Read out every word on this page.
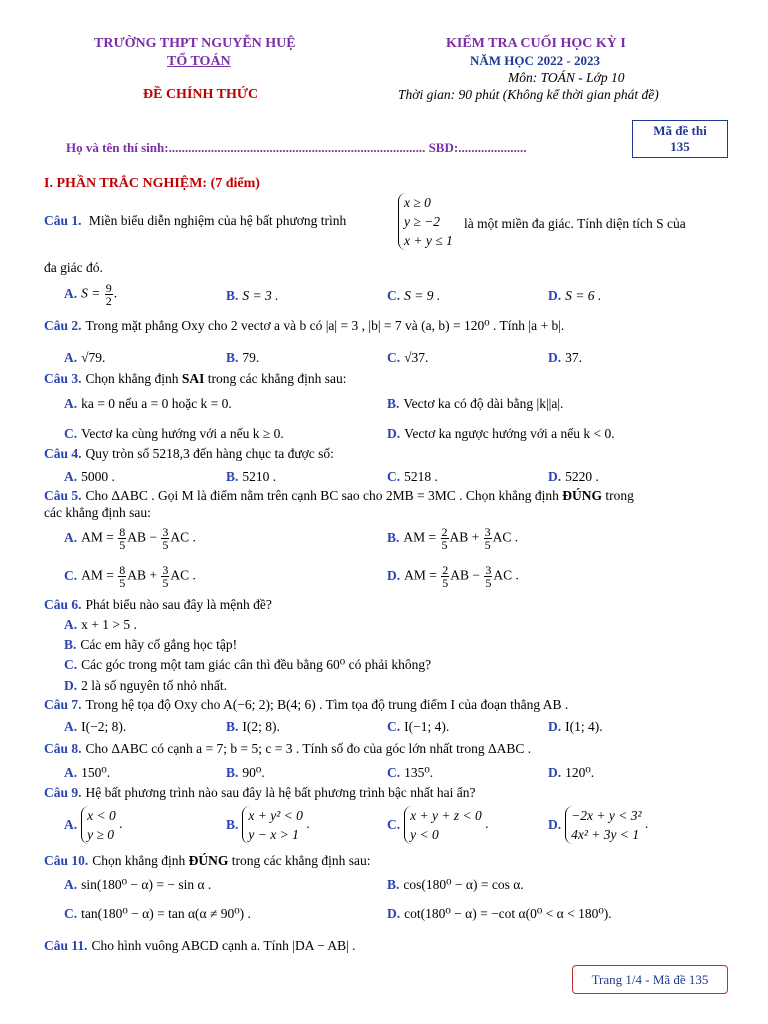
TRƯỜNG THPT NGUYỄN HUỆ
TỔ TOÁN
ĐỀ CHÍNH THỨC
KIỂM TRA CUỐI HỌC KỲ I
NĂM HỌC 2022 - 2023
Môn: TOÁN - Lớp 10
Thời gian: 90 phút (Không kể thời gian phát đề)
Họ và tên thí sinh:............................................................................... SBD:.....................
Mã đề thi
135
I. PHẦN TRẮC NGHIỆM: (7 điểm)
Câu 1. Miền biểu diễn nghiệm của hệ bất phương trình
x ≥ 0
y ≥ −2
x + y ≤ 1
là một miền đa giác. Tính diện tích S của
đa giác đó.
A. $S = \frac{9}{2}$ .	B. S = 3 .	C. S = 9 .	D. S = 6 .
Câu 2. Trong mặt phẳng Oxy cho 2 vectơ a và b có |a| = 3 , |b| = 7 và (a, b) = 120⁰ . Tính |a + b|.
A. √79.	B. 79.	C. √37.	D. 37.
Câu 3. Chọn khẳng định SAI trong các khẳng định sau:
A. ka = 0 nếu a = 0 hoặc k = 0.	B. Vectơ ka có độ dài bằng |k||a|.
C. Vectơ ka cùng hướng với a nếu k ≥ 0.	D. Vectơ ka ngược hướng với a nếu k < 0.
Câu 4. Quy tròn số 5218,3 đến hàng chục ta được số:
A. 5000 .	B. 5210 .	C. 5218 .	D. 5220 .
Câu 5. Cho ΔABC . Gọi M là điểm nằm trên cạnh BC sao cho 2MB = 3MC . Chọn khẳng định ĐÚNG trong
các khẳng định sau:
A. AM = $\frac{8}{5}$ AB − $\frac{3}{5}$ AC .	B. AM = $\frac{2}{5}$ AB + $\frac{3}{5}$ AC .
C. AM = $\frac{8}{5}$ AB + $\frac{3}{5}$ AC .	D. AM = $\frac{2}{5}$ AB − $\frac{3}{5}$ AC .
Câu 6. Phát biểu nào sau đây là mệnh đề?
A. x + 1 > 5 .
B. Các em hãy cố gắng học tập!
C. Các góc trong một tam giác cân thì đều bằng 60⁰ có phải không?
D. 2 là số nguyên tố nhỏ nhất.
Câu 7. Trong hệ tọa độ Oxy cho A(−6; 2); B(4; 6) . Tìm tọa độ trung điểm I của đoạn thẳng AB .
A. I(−2; 8).	B. I(2; 8).	C. I(−1; 4).	D. I(1; 4).
Câu 8. Cho ΔABC có cạnh a = 7; b = 5; c = 3 . Tính số đo của góc lớn nhất trong ΔABC .
A. 150⁰.	B. 90⁰.	C. 135⁰.	D. 120⁰.
Câu 9. Hệ bất phương trình nào sau đây là hệ bất phương trình bậc nhất hai ẩn?
A.
x < 0
y ≥ 0
.	B.
x + y² < 0
y − x > 1
.	C.
x + y + z < 0
y < 0
.	D.
−2x + y < 3²
4x² + 3y < 1
.
Câu 10. Chọn khẳng định ĐÚNG trong các khẳng định sau:
A. sin(180⁰ − α) = − sin α .	B. cos(180⁰ − α) = cos α.
C. tan(180⁰ − α) = tan α(α ≠ 90⁰) .	D. cot(180⁰ − α) = −cot α(0⁰ < α < 180⁰).
Câu 11. Cho hình vuông ABCD cạnh a. Tính |DA − AB| .
Trang 1/4 - Mã đề 135
